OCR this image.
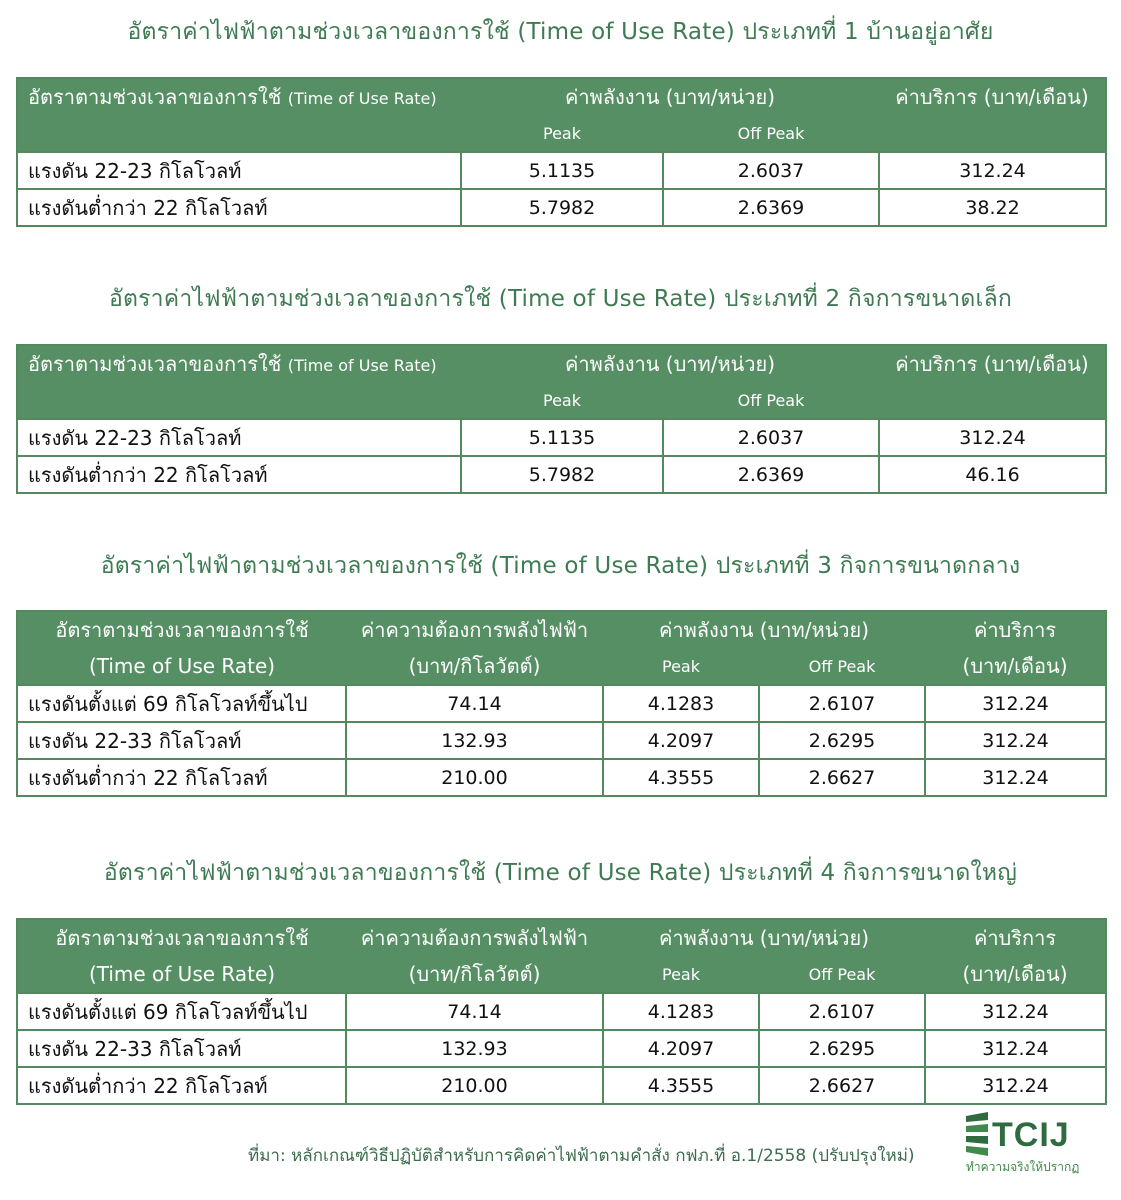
อัตราค่าไฟฟ้าตามช่วงเวลาของการใช้ (Time of Use Rate) ประเภทที่ 1 บ้านอยู่อาศัย
อัตราตามช่วงเวลาของการใช้ (Time of Use Rate)	ค่าพลังงาน (บาท/หน่วย)		ค่าบริการ (บาท/เดือน)
	Peak	Off Peak	
แรงดัน 22-23 กิโลโวลท์	5.1135	2.6037	312.24
แรงดันต่ำกว่า 22 กิโลโวลท์	5.7982	2.6369	38.22
อัตราค่าไฟฟ้าตามช่วงเวลาของการใช้ (Time of Use Rate) ประเภทที่ 2 กิจการขนาดเล็ก
อัตราตามช่วงเวลาของการใช้ (Time of Use Rate)	ค่าพลังงาน (บาท/หน่วย)		ค่าบริการ (บาท/เดือน)
	Peak	Off Peak	
แรงดัน 22-23 กิโลโวลท์	5.1135	2.6037	312.24
แรงดันต่ำกว่า 22 กิโลโวลท์	5.7982	2.6369	46.16
อัตราค่าไฟฟ้าตามช่วงเวลาของการใช้ (Time of Use Rate) ประเภทที่ 3 กิจการขนาดกลาง
อัตราตามช่วงเวลาของการใช้	ค่าความต้องการพลังไฟฟ้า	ค่าพลังงาน (บาท/หน่วย)		ค่าบริการ
(Time of Use Rate)	(บาท/กิโลวัตต์)	Peak	Off Peak	(บาท/เดือน)
แรงดันตั้งแต่ 69 กิโลโวลท์ขึ้นไป	74.14	4.1283	2.6107	312.24
แรงดัน 22-33 กิโลโวลท์	132.93	4.2097	2.6295	312.24
แรงดันต่ำกว่า 22 กิโลโวลท์	210.00	4.3555	2.6627	312.24
อัตราค่าไฟฟ้าตามช่วงเวลาของการใช้ (Time of Use Rate) ประเภทที่ 4 กิจการขนาดใหญ่
อัตราตามช่วงเวลาของการใช้	ค่าความต้องการพลังไฟฟ้า	ค่าพลังงาน (บาท/หน่วย)		ค่าบริการ
(Time of Use Rate)	(บาท/กิโลวัตต์)	Peak	Off Peak	(บาท/เดือน)
แรงดันตั้งแต่ 69 กิโลโวลท์ขึ้นไป	74.14	4.1283	2.6107	312.24
แรงดัน 22-33 กิโลโวลท์	132.93	4.2097	2.6295	312.24
แรงดันต่ำกว่า 22 กิโลโวลท์	210.00	4.3555	2.6627	312.24
ที่มา: หลักเกณฑ์วิธีปฏิบัติสำหรับการคิดค่าไฟฟ้าตามคำสั่ง กฟภ.ที่ อ.1/2558 (ปรับปรุงใหม่)
TCIJ
ทำความจริงให้ปรากฏ
